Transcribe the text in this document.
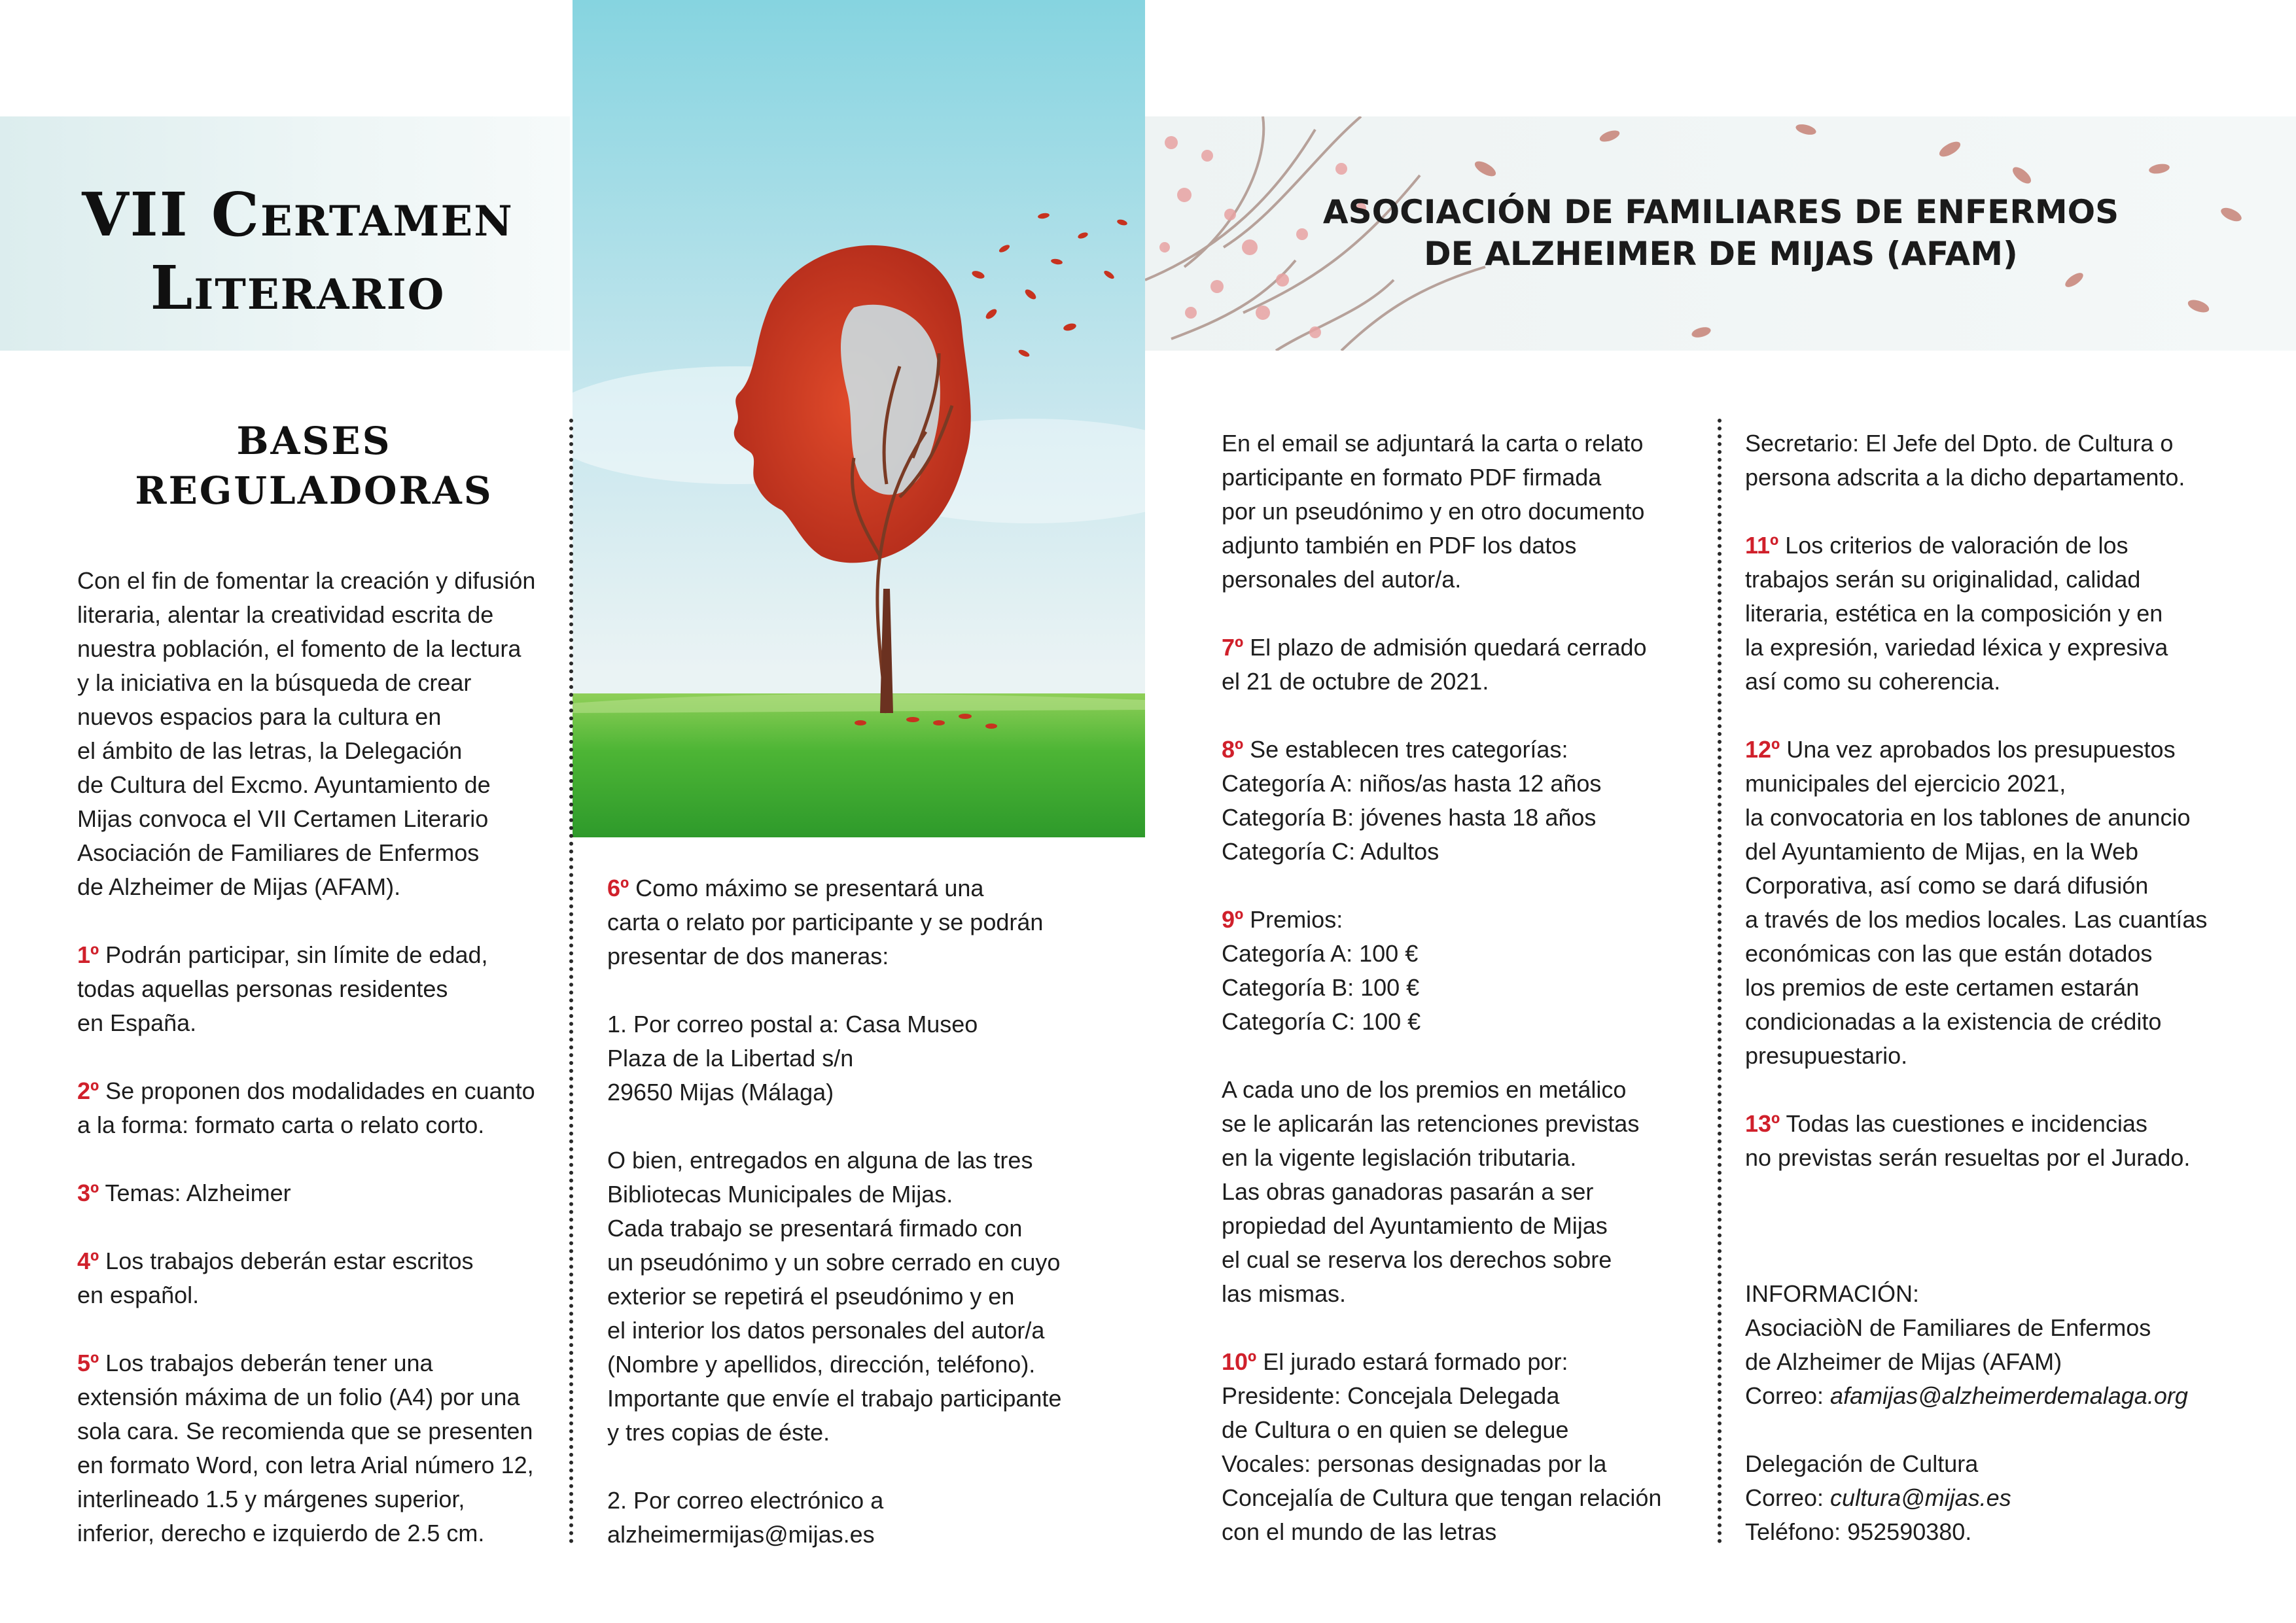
VII Certamen
Literario
ASOCIACIÓN DE FAMILIARES DE ENFERMOS
DE ALZHEIMER DE MIJAS (AFAM)
BASES
REGULADORAS

Con el fin de fomentar la creación y difusión
literaria, alentar la creatividad escrita de
nuestra población, el fomento de la lectura
y la iniciativa en la búsqueda de crear
nuevos espacios para la cultura en
el ámbito de las letras, la Delegación
de Cultura del Excmo. Ayuntamiento de
Mijas convoca el VII Certamen Literario
Asociación de Familiares de Enfermos
de Alzheimer de Mijas (AFAM).

1º Podrán participar, sin límite de edad,
todas aquellas personas residentes
en España.

2º Se proponen dos modalidades en cuanto
a la forma: formato carta o relato corto.

3º Temas: Alzheimer

4º Los trabajos deberán estar escritos
en español.

5º Los trabajos deberán tener una
extensión máxima de un folio (A4) por una
sola cara. Se recomienda que se presenten
en formato Word, con letra Arial número 12,
interlineado 1.5 y márgenes superior,
inferior, derecho e izquierdo de 2.5 cm.

6º Como máximo se presentará una
carta o relato por participante y se podrán
presentar de dos maneras:

1. Por correo postal a: Casa Museo
Plaza de la Libertad s/n
29650 Mijas (Málaga)

O bien, entregados en alguna de las tres
Bibliotecas Municipales de Mijas.
Cada trabajo se presentará firmado con
un pseudónimo y un sobre cerrado en cuyo
exterior se repetirá el pseudónimo y en
el interior los datos personales del autor/a
(Nombre y apellidos, dirección, teléfono).
Importante que envíe el trabajo participante
y tres copias de éste.

2. Por correo electrónico a
alzheimermijas@mijas.es

En el email se adjuntará la carta o relato
participante en formato PDF firmada
por un pseudónimo y en otro documento
adjunto también en PDF los datos
personales del autor/a.

7º El plazo de admisión quedará cerrado
el 21 de octubre de 2021.

8º Se establecen tres categorías:
Categoría A: niños/as hasta 12 años
Categoría B: jóvenes hasta 18 años
Categoría C: Adultos

9º Premios:
Categoría A: 100 €
Categoría B: 100 €
Categoría C: 100 €

A cada uno de los premios en metálico
se le aplicarán las retenciones previstas
en la vigente legislación tributaria.
Las obras ganadoras pasarán a ser
propiedad del Ayuntamiento de Mijas
el cual se reserva los derechos sobre
las mismas.

10º El jurado estará formado por:
Presidente: Concejala Delegada
de Cultura o en quien se delegue
Vocales: personas designadas por la
Concejalía de Cultura que tengan relación
con el mundo de las letras

Secretario: El Jefe del Dpto. de Cultura o
persona adscrita a la dicho departamento.

11º Los criterios de valoración de los
trabajos serán su originalidad, calidad
literaria, estética en la composición y en
la expresión, variedad léxica y expresiva
así como su coherencia.

12º Una vez aprobados los presupuestos
municipales del ejercicio 2021,
la convocatoria en los tablones de anuncio
del Ayuntamiento de Mijas, en la Web
Corporativa, así como se dará difusión
a través de los medios locales. Las cuantías
económicas con las que están dotados
los premios de este certamen estarán
condicionadas a la existencia de crédito
presupuestario.

13º Todas las cuestiones e incidencias
no previstas serán resueltas por el Jurado.

INFORMACIÓN:
AsociaciòN de Familiares de Enfermos
de Alzheimer de Mijas (AFAM)
Correo: afamijas@alzheimerdemalaga.org

Delegación de Cultura
Correo: cultura@mijas.es
Teléfono: 952590380.
